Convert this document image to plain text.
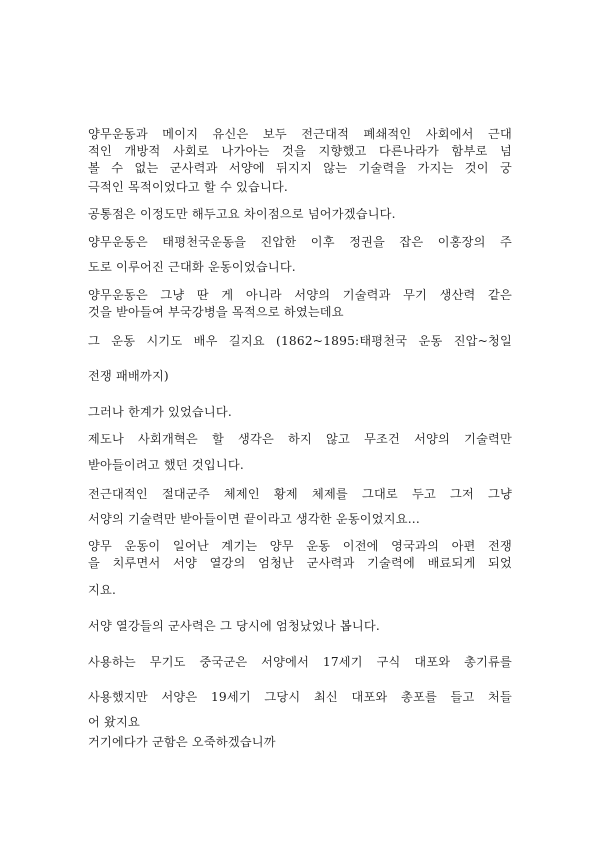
양무운동과 메이지 유신은 보두 전근대적 폐쇄적인 사회에서 근대
적인 개방적 사회로 나가아는 것을 지향했고 다른나라가 함부로 넘
볼 수 없는 군사력과 서양에 뒤지지 않는 기술력을 가지는 것이 궁
극적인 목적이었다고 할 수 있습니다.
공통점은 이정도만 해두고요 차이점으로 넘어가겠습니다.
양무운동은 태평천국운동을 진압한 이후 정권을 잡은 이홍장의 주
도로 이루어진 근대화 운동이었습니다.
양무운동은 그냥 딴 게 아니라 서양의 기술력과 무기 생산력 같은
것을 받아들여 부국강병을 목적으로 하였는데요
그 운동 시기도 배우 길지요 (1862~1895:태평천국 운동 진압~청일
전쟁 패배까지)
그러나 한계가 있었습니다.
제도나 사회개혁은 할 생각은 하지 않고 무조건 서양의 기술력만
받아들이려고 했던 것입니다.
전근대적인 절대군주 체제인 황제 체제를 그대로 두고 그저 그냥
서양의 기술력만 받아들이면 끝이라고 생각한 운동이었지요...
양무 운동이 일어난 계기는 양무 운동 이전에 영국과의 아편 전쟁
을 치루면서 서양 열강의 엄청난 군사력과 기술력에 배료되게 되었
지요.
서양 열강들의 군사력은 그 당시에 엄청났었나 봅니다.
사용하는 무기도 중국군은 서양에서 17세기 구식 대포와 총기류를
사용했지만 서양은 19세기 그당시 최신 대포와 총포를 들고 처들
어 왔지요
거기에다가 군함은 오죽하겠습니까
